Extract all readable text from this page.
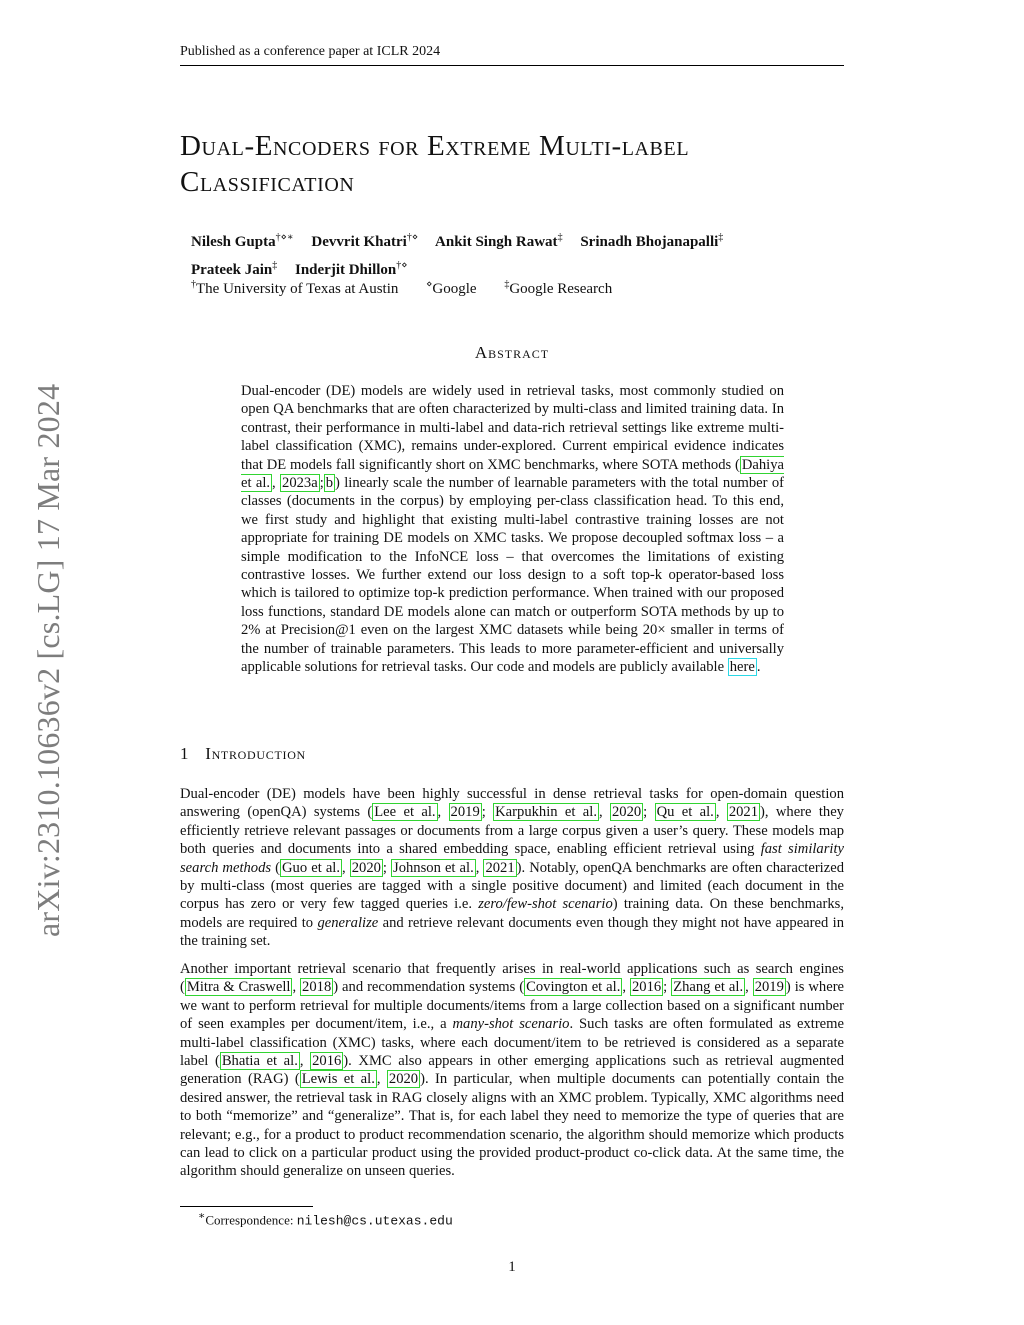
Published as a conference paper at ICLR 2024
arXiv:2310.10636v2 [cs.LG] 17 Mar 2024
Dual-Encoders for Extreme Multi-label
Classification
Nilesh Gupta†⋄∗ Devvrit Khatri†⋄ Ankit Singh Rawat‡ Srinadh Bhojanapalli‡
Prateek Jain‡ Inderjit Dhillon†⋄
†The University of Texas at Austin	⋄Google	‡Google Research
Abstract
Dual-encoder (DE) models are widely used in retrieval tasks, most commonly studied on open QA benchmarks that are often characterized by multi-class and limited training data. In contrast, their performance in multi-label and data-rich retrieval settings like extreme multi-label classification (XMC), remains under-explored. Current empirical evidence indicates that DE models fall significantly short on XMC benchmarks, where SOTA methods ( Dahiya et al. , 2023a ; b ) linearly scale the number of learnable parameters with the total number of classes (documents in the corpus) by employing per-class classification head. To this end, we first study and highlight that existing multi-label contrastive training losses are not appropriate for training DE models on XMC tasks. We propose decoupled softmax loss – a simple modification to the InfoNCE loss – that overcomes the limitations of existing contrastive losses. We further extend our loss design to a soft top-k operator-based loss which is tailored to optimize top-k prediction performance. When trained with our proposed loss functions, standard DE models alone can match or outperform SOTA methods by up to 2% at Precision@1 even on the largest XMC datasets while being 20× smaller in terms of the number of trainable parameters. This leads to more parameter-efficient and universally applicable solutions for retrieval tasks. Our code and models are publicly available here .
1 Introduction
Dual-encoder (DE) models have been highly successful in dense retrieval tasks for open-domain question answering (openQA) systems ( Lee et al. , 2019 ; Karpukhin et al. , 2020 ; Qu et al. , 2021 ), where they efficiently retrieve relevant passages or documents from a large corpus given a user’s query. These models map both queries and documents into a shared embedding space, enabling efficient retrieval using fast similarity search methods ( Guo et al. , 2020 ; Johnson et al. , 2021 ). Notably, openQA benchmarks are often characterized by multi-class (most queries are tagged with a single positive document) and limited (each document in the corpus has zero or very few tagged queries i.e. zero/few-shot scenario) training data. On these benchmarks, models are required to generalize and retrieve relevant documents even though they might not have appeared in the training set.
Another important retrieval scenario that frequently arises in real-world applications such as search engines ( Mitra & Craswell , 2018 ) and recommendation systems ( Covington et al. , 2016 ; Zhang et al. , 2019 ) is where we want to perform retrieval for multiple documents/items from a large collection based on a significant number of seen examples per document/item, i.e., a many-shot scenario. Such tasks are often formulated as extreme multi-label classification (XMC) tasks, where each document/item to be retrieved is considered as a separate label ( Bhatia et al. , 2016 ). XMC also appears in other emerging applications such as retrieval augmented generation (RAG) ( Lewis et al. , 2020 ). In particular, when multiple documents can potentially contain the desired answer, the retrieval task in RAG closely aligns with an XMC problem. Typically, XMC algorithms need to both “memorize” and “generalize”. That is, for each label they need to memorize the type of queries that are relevant; e.g., for a product to product recommendation scenario, the algorithm should memorize which products can lead to click on a particular product using the provided product-product co-click data. At the same time, the algorithm should generalize on unseen queries.
∗Correspondence: nilesh@cs.utexas.edu
1
